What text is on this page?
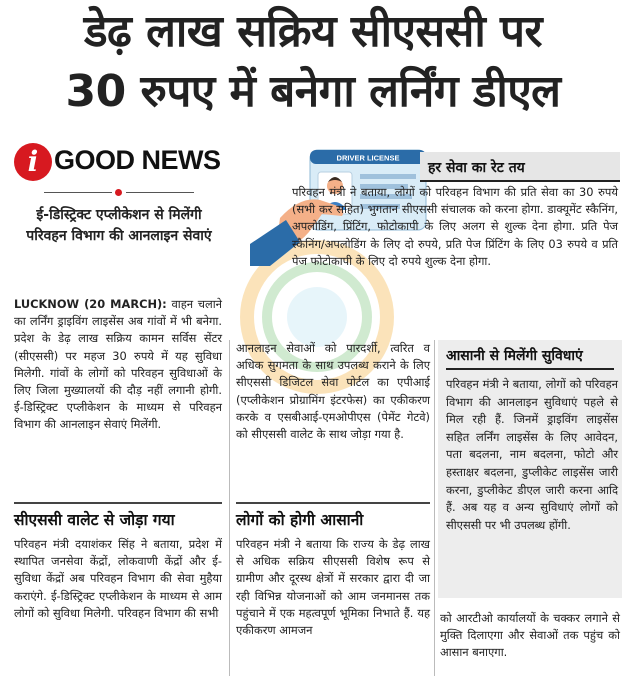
डेढ़ लाख सक्रिय सीएससी पर
30 रुपए में बनेगा लर्निंग डीएल
i GOOD NEWS
ई-डिस्ट्रिक्ट एप्लीकेशन से मिलेंगी परिवहन विभाग की आनलाइन सेवाएं
LUCKNOW (20 MARCH): वाहन चलाने का लर्निंग ड्राइविंग लाइसेंस अब गांवों में भी बनेगा. प्रदेश के डेढ़ लाख सक्रिय कामन सर्विस सेंटर (सीएससी) पर महज 30 रुपये में यह सुविधा मिलेगी. गांवों के लोगों को परिवहन सुविधाओं के लिए जिला मुख्यालयों की दौड़ नहीं लगानी होगी. ई-डिस्ट्रिक्ट एप्लीकेशन के माध्यम से परिवहन विभाग की आनलाइन सेवाएं मिलेंगी.
सीएससी वालेट से जोड़ा गया
परिवहन मंत्री दयाशंकर सिंह ने बताया, प्रदेश में स्थापित जनसेवा केंद्रों, लोकवाणी केंद्रों और ई-सुविधा केंद्रों अब परिवहन विभाग की सेवा मुहैया कराएंगे. ई-डिस्ट्रिक्ट एप्लीकेशन के माध्यम से आम लोगों को सुविधा मिलेगी. परिवहन विभाग की सभी
आनलाइन सेवाओं को पारदर्शी, त्वरित व अधिक सुगमता के साथ उपलब्ध कराने के लिए सीएससी डिजिटल सेवा पोर्टल का एपीआई (एप्लीकेशन प्रोग्रामिंग इंटरफेस) का एकीकरण करके व एसबीआई-एमओपीएस (पेमेंट गेटवे) को सीएससी वालेट के साथ जोड़ा गया है.
लोगों को होगी आसानी
परिवहन मंत्री ने बताया कि राज्य के डेढ़ लाख से अधिक सक्रिय सीएससी विशेष रूप से ग्रामीण और दूरस्थ क्षेत्रों में सरकार द्वारा दी जा रही विभिन्न योजनाओं को आम जनमानस तक पहुंचाने में एक महत्वपूर्ण भूमिका निभाते हैं. यह एकीकरण आमजन
DRIVER LICENSE
हर सेवा का रेट तय
परिवहन मंत्री ने बताया, लोगों को परिवहन विभाग की प्रति सेवा का 30 रुपये (सभी कर सहित) भुगतान सीएससी संचालक को करना होगा. डाक्यूमेंट स्कैनिंग, अपलोडिंग, प्रिंटिंग, फोटोकापी के लिए अलग से शुल्क देना होगा. प्रति पेज स्कैनिंग/अपलोडिंग के लिए दो रुपये, प्रति पेज प्रिंटिंग के लिए 03 रुपये व प्रति पेज फोटोकापी के लिए दो रुपये शुल्क देना होगा.
आसानी से मिलेंगी सुविधाएं
परिवहन मंत्री ने बताया, लोगों को परिवहन विभाग की आनलाइन सुविधाएं पहले से मिल रही हैं. जिनमें ड्राइविंग लाइसेंस सहित लर्निंग लाइसेंस के लिए आवेदन, पता बदलना, नाम बदलना, फोटो और हस्ताक्षर बदलना, डुप्लीकेट लाइसेंस जारी करना, डुप्लीकेट डीएल जारी करना आदि हैं. अब यह व अन्य सुविधाएं लोगों को सीएससी पर भी उपलब्ध होंगी.
को आरटीओ कार्यालयों के चक्कर लगाने से मुक्ति दिलाएगा और सेवाओं तक पहुंच को आसान बनाएगा.
